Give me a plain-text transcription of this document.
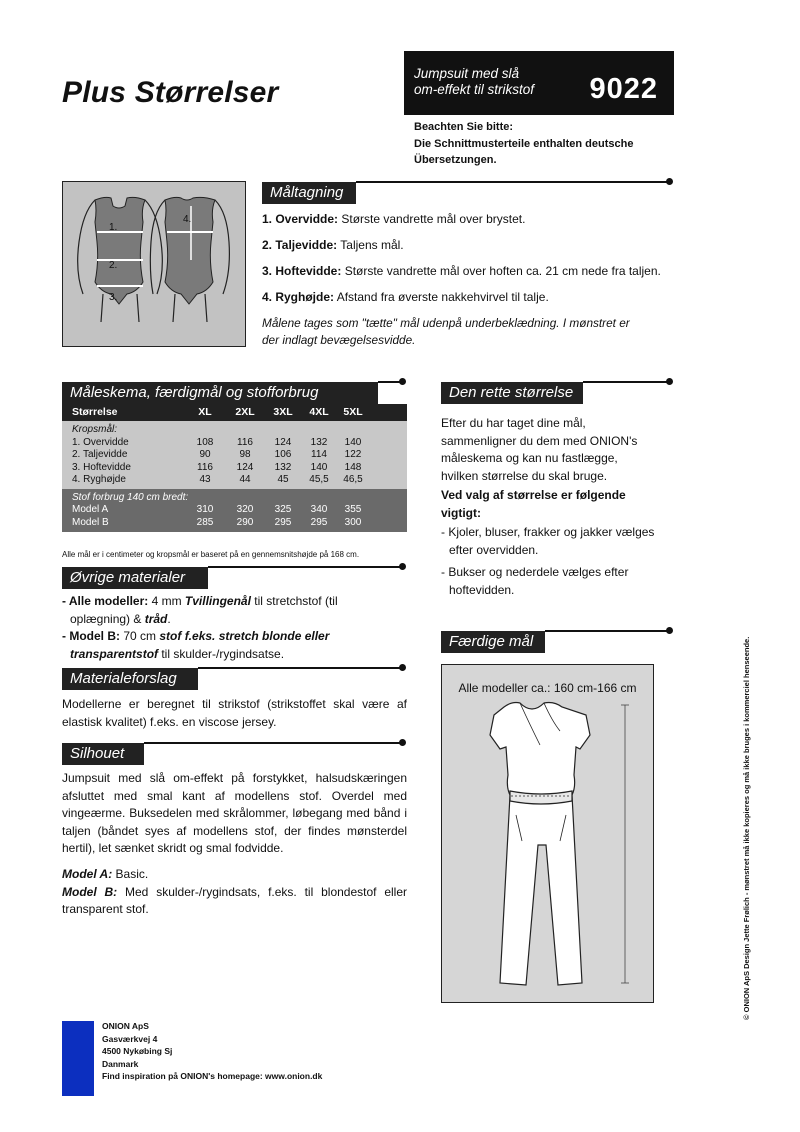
Plus Størrelser
Jumpsuit med slå
om-effekt til strikstof 9022
Beachten Sie bitte:
Die Schnittmusterteile enthalten deutsche
Übersetzungen.
1.
2.
3.
4.
Måltagning
1. Overvidde: Største vandrette mål over brystet.
2. Taljevidde: Taljens mål.
3. Hoftevidde: Største vandrette mål over hoften ca. 21 cm nede fra taljen.
4. Ryghøjde: Afstand fra øverste nakkehvirvel til talje.
Målene tages som "tætte" mål udenpå underbeklædning. I mønstret er
der indlagt bevægelsesvidde.
Måleskema, færdigmål og stofforbrug
Størrelse	XL	2XL	3XL	4XL	5XL
Kropsmål:
1. Overvidde	108	116	124	132	140
2. Taljevidde	90	98	106	114	122
3. Hoftevidde	116	124	132	140	148
4. Ryghøjde	43	44	45	45,5	46,5
Stof forbrug 140 cm bredt:
Model A	310	320	325	340	355
Model B	285	290	295	295	300
Alle mål er i centimeter og kropsmål er baseret på en gennemsnitshøjde på 168 cm.
Øvrige materialer
- Alle modeller: 4 mm Tvillingenål til stretchstof (til
oplægning) & tråd.
- Model B: 70 cm stof f.eks. stretch blonde eller
transparentstof til skulder-/rygindsatse.
Materialeforslag
Modellerne er beregnet til strikstof (strikstoffet skal være af elastisk kvalitet) f.eks. en viscose jersey.
Silhouet
Jumpsuit med slå om-effekt på forstykket, halsudskæringen afsluttet med smal kant af modellens stof. Overdel med vingeærme. Buksedelen med skrålommer, løbegang med bånd i taljen (båndet syes af modellens stof, der findes mønsterdel hertil), let sænket skridt og smal fodvidde.
Model A: Basic.
Model B: Med skulder-/rygindsats, f.eks. til blondestof eller transparent stof.
Den rette størrelse
Efter du har taget dine mål, sammenligner du dem med ONION's måleskema og kan nu fastlægge, hvilken størrelse du skal bruge.
Ved valg af størrelse er følgende vigtigt:
- Kjoler, bluser, frakker og jakker vælges efter overvidden.
- Bukser og nederdele vælges efter hoftevidden.
Færdige mål
Alle modeller ca.: 160 cm-166 cm
ONION ApS
Gasværkvej 4
4500 Nykøbing Sj
Danmark
Find inspiration på ONION's homepage: www.onion.dk
© ONION ApS Design Jette Frølich - mønstret må ikke kopieres og må ikke bruges i kommerciel henseende.
